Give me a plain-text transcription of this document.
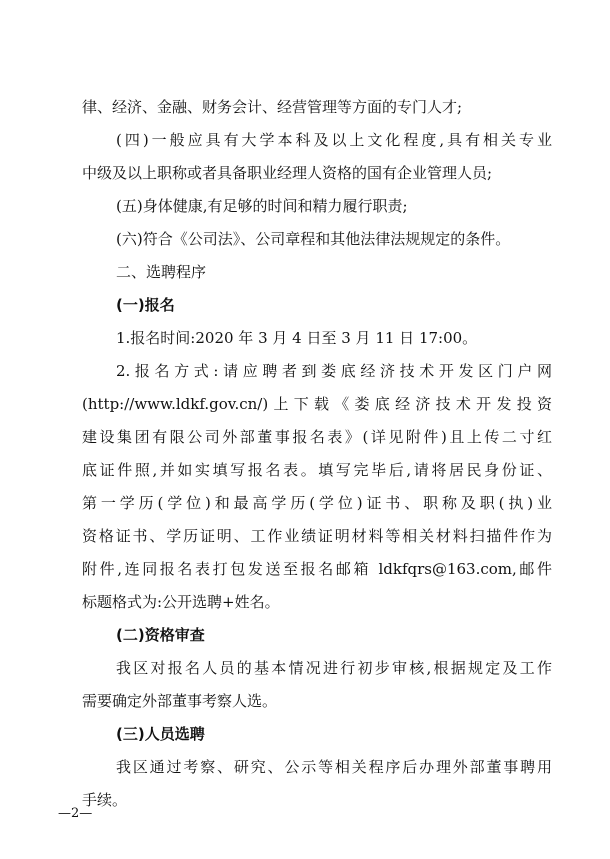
律、经济、金融、财务会计、经营管理等方面的专门人才;
(四)一般应具有大学本科及以上文化程度,具有相关专业
中级及以上职称或者具备职业经理人资格的国有企业管理人员;
(五)身体健康,有足够的时间和精力履行职责;
(六)符合《公司法》、公司章程和其他法律法规规定的条件。
二、选聘程序
(一)报名
1.报名时间:2020 年 3 月 4 日至 3 月 11 日 17:00。
2.报名方式:请应聘者到娄底经济技术开发区门户网
(http://www.ldkf.gov.cn/)上下载《娄底经济技术开发投资
建设集团有限公司外部董事报名表》(详见附件)且上传二寸红
底证件照,并如实填写报名表。填写完毕后,请将居民身份证、
第一学历(学位)和最高学历(学位)证书、职称及职(执)业
资格证书、学历证明、工作业绩证明材料等相关材料扫描件作为
附件,连同报名表打包发送至报名邮箱 ldkfqrs@163.com,邮件
标题格式为:公开选聘+姓名。
(二)资格审查
我区对报名人员的基本情况进行初步审核,根据规定及工作
需要确定外部董事考察人选。
(三)人员选聘
我区通过考察、研究、公示等相关程序后办理外部董事聘用
手续。
—2—
